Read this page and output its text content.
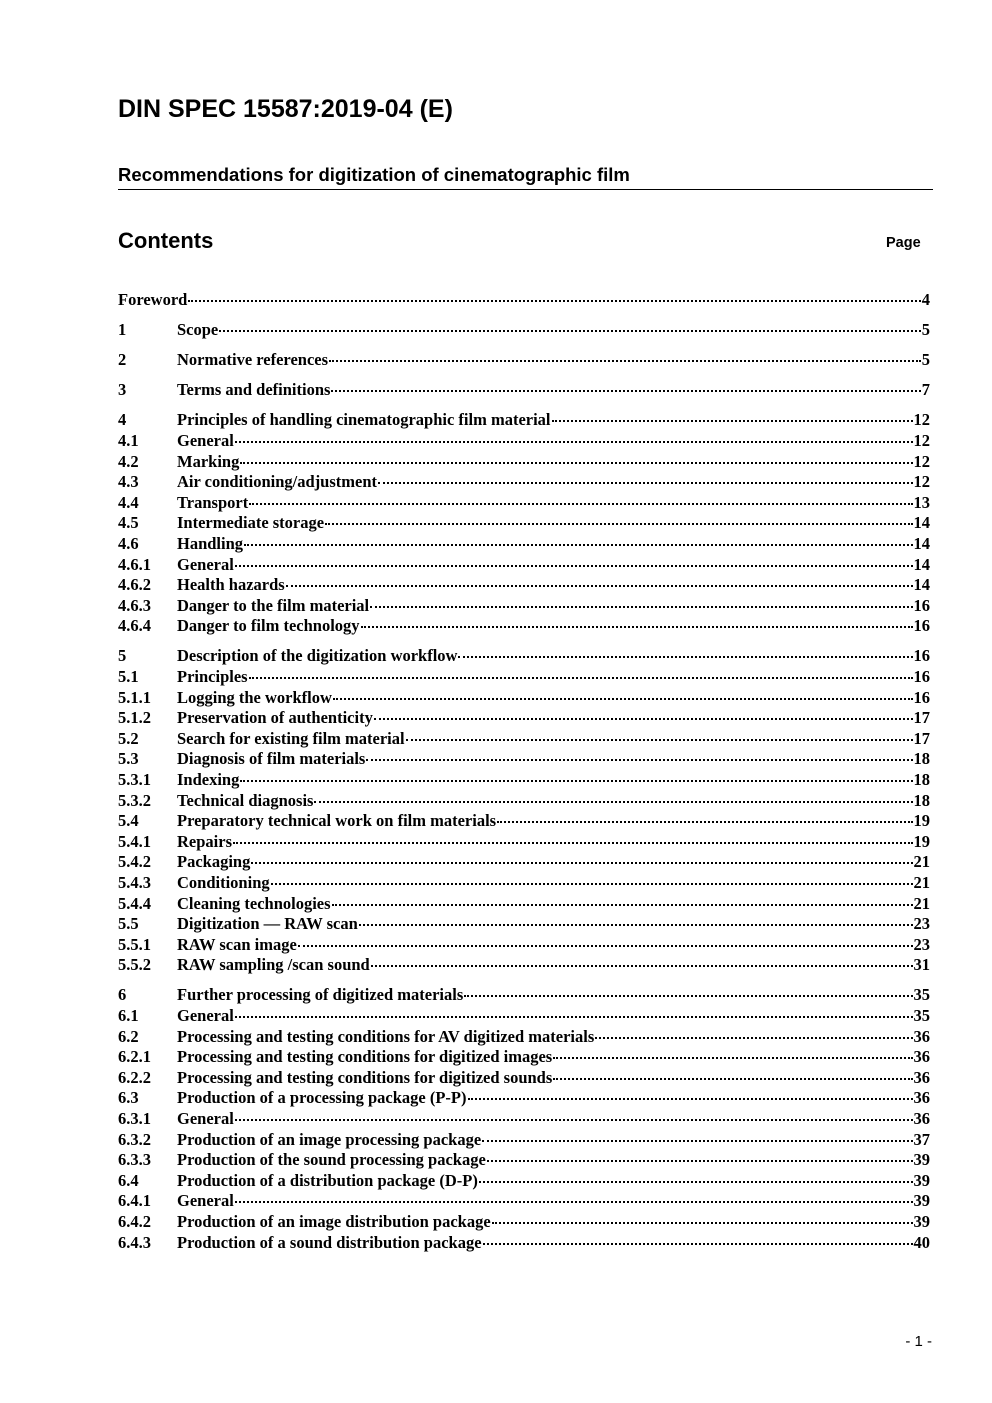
DIN SPEC 15587:2019-04 (E)
Recommendations for digitization of cinematographic film
Contents	Page
Foreword	4
1	Scope	5
2	Normative references	5
3	Terms and definitions	7
4	Principles of handling cinematographic film material	12
4.1	General	12
4.2	Marking	12
4.3	Air conditioning/adjustment	12
4.4	Transport	13
4.5	Intermediate storage	14
4.6	Handling	14
4.6.1	General	14
4.6.2	Health hazards	14
4.6.3	Danger to the film material	16
4.6.4	Danger to film technology	16
5	Description of the digitization workflow	16
5.1	Principles	16
5.1.1	Logging the workflow	16
5.1.2	Preservation of authenticity	17
5.2	Search for existing film material	17
5.3	Diagnosis of film materials	18
5.3.1	Indexing	18
5.3.2	Technical diagnosis	18
5.4	Preparatory technical work on film materials	19
5.4.1	Repairs	19
5.4.2	Packaging	21
5.4.3	Conditioning	21
5.4.4	Cleaning technologies	21
5.5	Digitization — RAW scan	23
5.5.1	RAW scan image	23
5.5.2	RAW sampling /scan sound	31
6	Further processing of digitized materials	35
6.1	General	35
6.2	Processing and testing conditions for AV digitized materials	36
6.2.1	Processing and testing conditions for digitized images	36
6.2.2	Processing and testing conditions for digitized sounds	36
6.3	Production of a processing package (P-P)	36
6.3.1	General	36
6.3.2	Production of an image processing package	37
6.3.3	Production of the sound processing package	39
6.4	Production of a distribution package (D-P)	39
6.4.1	General	39
6.4.2	Production of an image distribution package	39
6.4.3	Production of a sound distribution package	40
- 1 -
